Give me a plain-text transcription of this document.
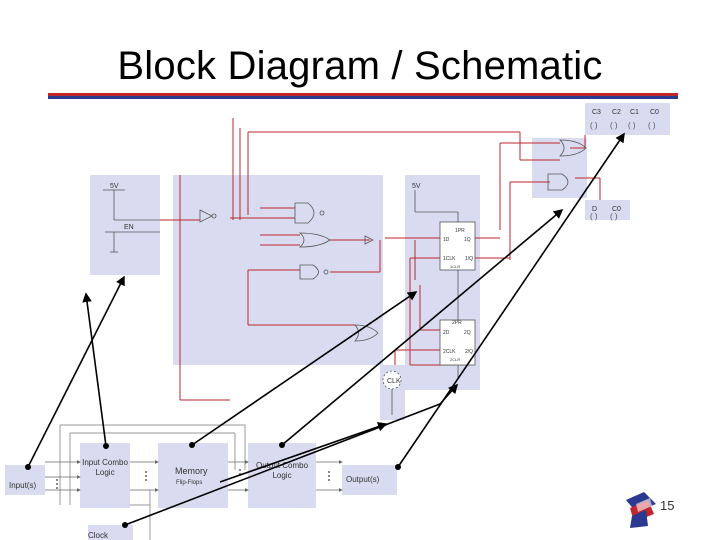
Block Diagram / Schematic
C3 C2 C1 C0
( ) ( ) ( ) ( )
( ) ( )
D C0
5V
EN
5V
1PR
1D	1Q
1CLK 1/Q
1CLR
2PR
2D	2Q
2CLK 2/Q
2CLR
CLK
Input(s)
Clock
Output(s)
Memory
Flip-Flops
Input Combo Logic
Output Combo Logic
15
